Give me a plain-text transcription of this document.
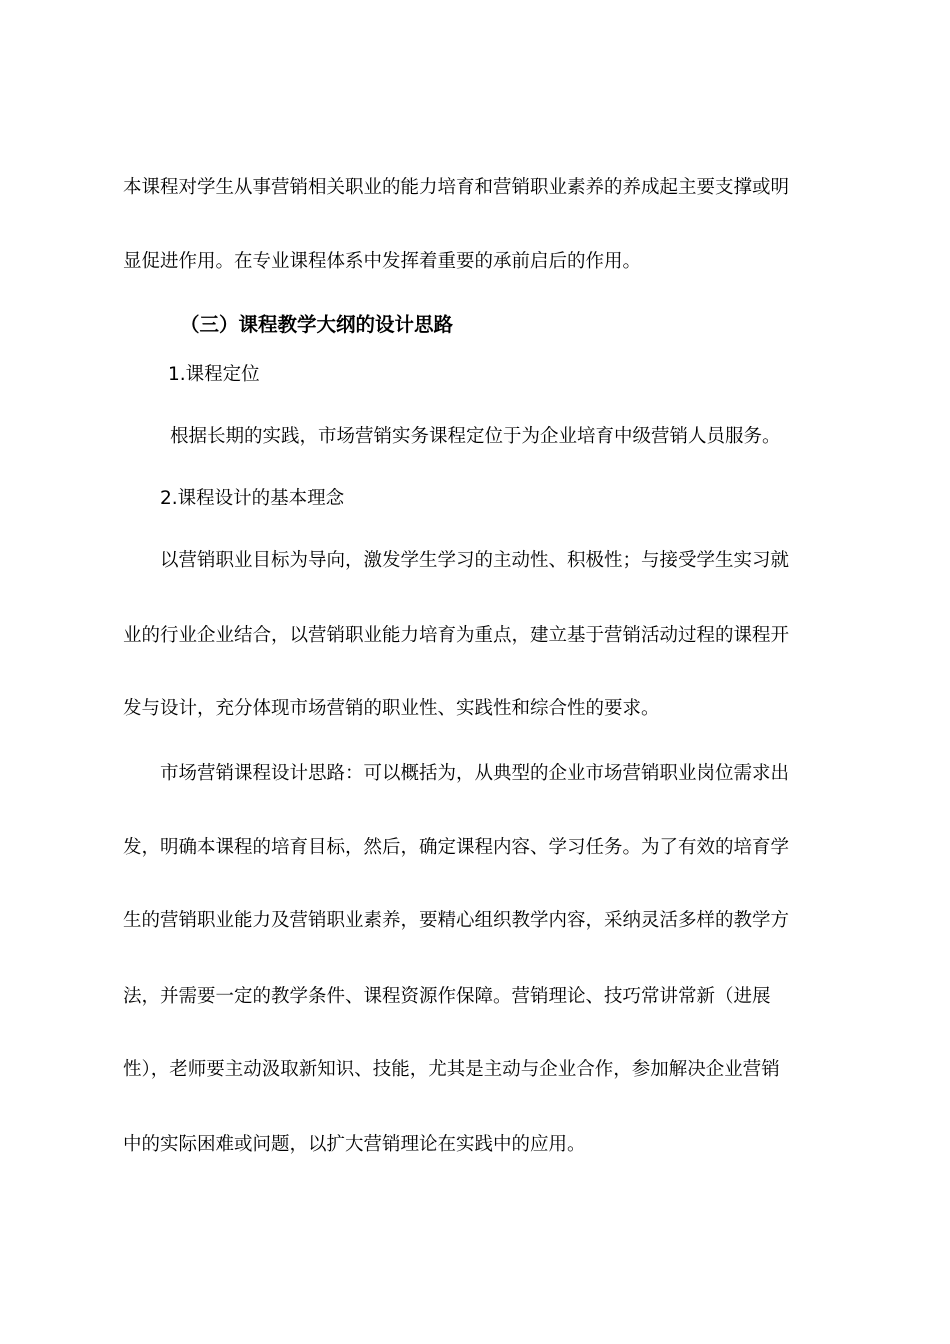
本课程对学生从事营销相关职业的能力培育和营销职业素养的养成起主要支撑或明

显促进作用。在专业课程体系中发挥着重要的承前启后的作用。

（三）课程教学大纲的设计思路

1.课程定位

根据长期的实践，市场营销实务课程定位于为企业培育中级营销人员服务。

2.课程设计的基本理念

以营销职业目标为导向，激发学生学习的主动性、积极性；与接受学生实习就

业的行业企业结合，以营销职业能力培育为重点，建立基于营销活动过程的课程开

发与设计，充分体现市场营销的职业性、实践性和综合性的要求。

市场营销课程设计思路：可以概括为，从典型的企业市场营销职业岗位需求出

发，明确本课程的培育目标，然后，确定课程内容、学习任务。为了有效的培育学

生的营销职业能力及营销职业素养，要精心组织教学内容，采纳灵活多样的教学方

法，并需要一定的教学条件、课程资源作保障。营销理论、技巧常讲常新（进展

性），老师要主动汲取新知识、技能，尤其是主动与企业合作，参加解决企业营销

中的实际困难或问题，以扩大营销理论在实践中的应用。
